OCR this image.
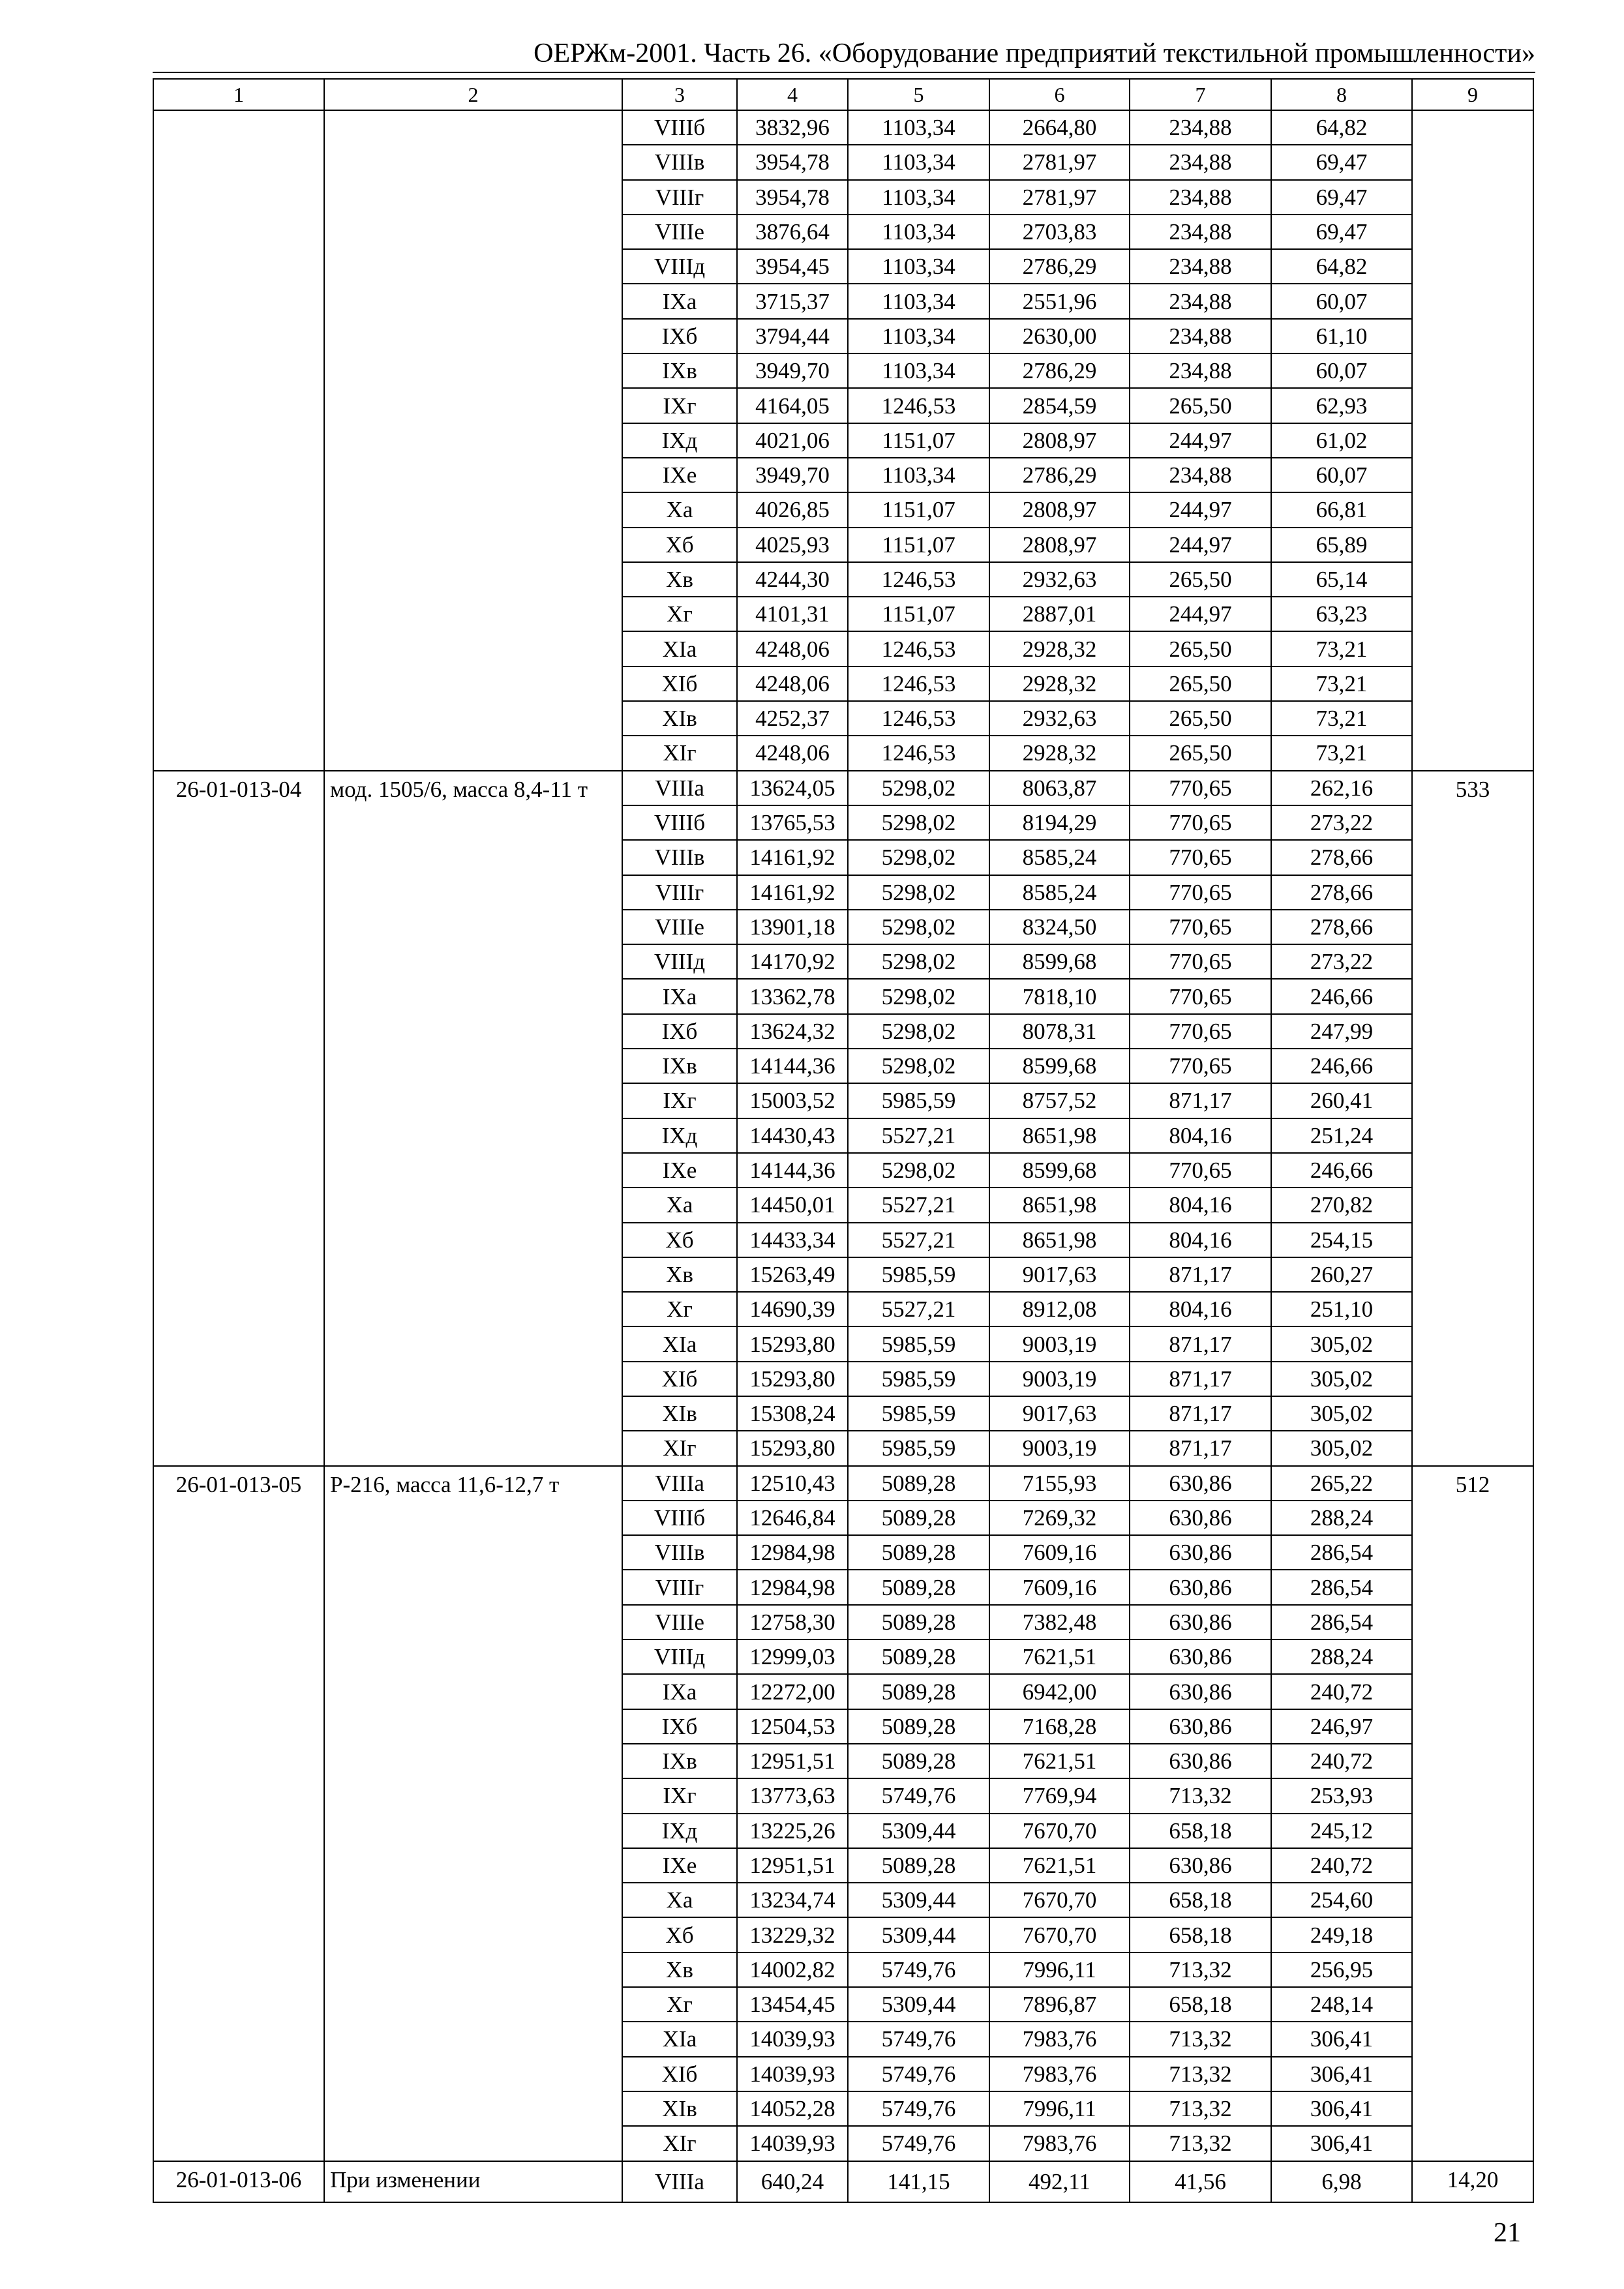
ОЕРЖм-2001. Часть 26. «Оборудование предприятий текстильной промышленности»
1	2	3	4	5	6	7	8	9
		VIIIб	3832,96	1103,34	2664,80	234,88	64,82	
		VIIIв	3954,78	1103,34	2781,97	234,88	69,47	
		VIIIг	3954,78	1103,34	2781,97	234,88	69,47	
		VIIIе	3876,64	1103,34	2703,83	234,88	69,47	
		VIIIд	3954,45	1103,34	2786,29	234,88	64,82	
		IXа	3715,37	1103,34	2551,96	234,88	60,07	
		IXб	3794,44	1103,34	2630,00	234,88	61,10	
		IXв	3949,70	1103,34	2786,29	234,88	60,07	
		IXг	4164,05	1246,53	2854,59	265,50	62,93	
		IXд	4021,06	1151,07	2808,97	244,97	61,02	
		IXе	3949,70	1103,34	2786,29	234,88	60,07	
		Xа	4026,85	1151,07	2808,97	244,97	66,81	
		Xб	4025,93	1151,07	2808,97	244,97	65,89	
		Xв	4244,30	1246,53	2932,63	265,50	65,14	
		Xг	4101,31	1151,07	2887,01	244,97	63,23	
		XIа	4248,06	1246,53	2928,32	265,50	73,21	
		XIб	4248,06	1246,53	2928,32	265,50	73,21	
		XIв	4252,37	1246,53	2932,63	265,50	73,21	
		XIг	4248,06	1246,53	2928,32	265,50	73,21	
26-01-013-04	мод. 1505/6, масса 8,4-11 т	VIIIа	13624,05	5298,02	8063,87	770,65	262,16	533
		VIIIб	13765,53	5298,02	8194,29	770,65	273,22	
		VIIIв	14161,92	5298,02	8585,24	770,65	278,66	
		VIIIг	14161,92	5298,02	8585,24	770,65	278,66	
		VIIIе	13901,18	5298,02	8324,50	770,65	278,66	
		VIIIд	14170,92	5298,02	8599,68	770,65	273,22	
		IXа	13362,78	5298,02	7818,10	770,65	246,66	
		IXб	13624,32	5298,02	8078,31	770,65	247,99	
		IXв	14144,36	5298,02	8599,68	770,65	246,66	
		IXг	15003,52	5985,59	8757,52	871,17	260,41	
		IXд	14430,43	5527,21	8651,98	804,16	251,24	
		IXе	14144,36	5298,02	8599,68	770,65	246,66	
		Xа	14450,01	5527,21	8651,98	804,16	270,82	
		Xб	14433,34	5527,21	8651,98	804,16	254,15	
		Xв	15263,49	5985,59	9017,63	871,17	260,27	
		Xг	14690,39	5527,21	8912,08	804,16	251,10	
		XIа	15293,80	5985,59	9003,19	871,17	305,02	
		XIб	15293,80	5985,59	9003,19	871,17	305,02	
		XIв	15308,24	5985,59	9017,63	871,17	305,02	
		XIг	15293,80	5985,59	9003,19	871,17	305,02	
26-01-013-05	Р-216, масса 11,6-12,7 т	VIIIа	12510,43	5089,28	7155,93	630,86	265,22	512
		VIIIб	12646,84	5089,28	7269,32	630,86	288,24	
		VIIIв	12984,98	5089,28	7609,16	630,86	286,54	
		VIIIг	12984,98	5089,28	7609,16	630,86	286,54	
		VIIIе	12758,30	5089,28	7382,48	630,86	286,54	
		VIIIд	12999,03	5089,28	7621,51	630,86	288,24	
		IXа	12272,00	5089,28	6942,00	630,86	240,72	
		IXб	12504,53	5089,28	7168,28	630,86	246,97	
		IXв	12951,51	5089,28	7621,51	630,86	240,72	
		IXг	13773,63	5749,76	7769,94	713,32	253,93	
		IXд	13225,26	5309,44	7670,70	658,18	245,12	
		IXе	12951,51	5089,28	7621,51	630,86	240,72	
		Xа	13234,74	5309,44	7670,70	658,18	254,60	
		Xб	13229,32	5309,44	7670,70	658,18	249,18	
		Xв	14002,82	5749,76	7996,11	713,32	256,95	
		Xг	13454,45	5309,44	7896,87	658,18	248,14	
		XIа	14039,93	5749,76	7983,76	713,32	306,41	
		XIб	14039,93	5749,76	7983,76	713,32	306,41	
		XIв	14052,28	5749,76	7996,11	713,32	306,41	
		XIг	14039,93	5749,76	7983,76	713,32	306,41	
26-01-013-06	При изменении	VIIIа	640,24	141,15	492,11	41,56	6,98	14,20
21
